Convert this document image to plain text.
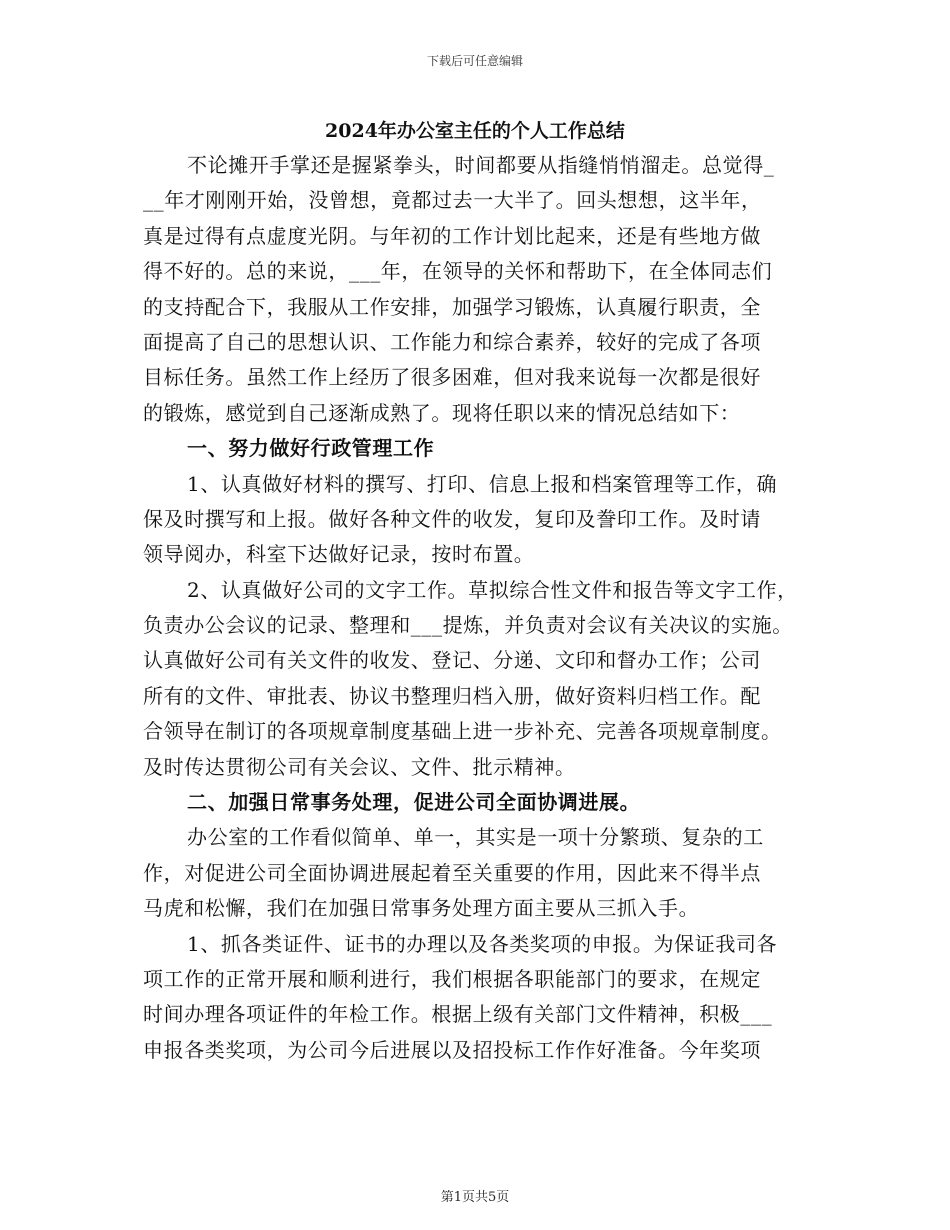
下载后可任意编辑
2024年办公室主任的个人工作总结
不论摊开手掌还是握紧拳头，时间都要从指缝悄悄溜走。总觉得_
__年才刚刚开始，没曾想，竟都过去一大半了。回头想想，这半年，
真是过得有点虚度光阴。与年初的工作计划比起来，还是有些地方做
得不好的。总的来说，___年，在领导的关怀和帮助下，在全体同志们
的支持配合下，我服从工作安排，加强学习锻炼，认真履行职责，全
面提高了自己的思想认识、工作能力和综合素养，较好的完成了各项
目标任务。虽然工作上经历了很多困难，但对我来说每一次都是很好
的锻炼，感觉到自己逐渐成熟了。现将任职以来的情况总结如下：
一、努力做好行政管理工作
1、认真做好材料的撰写、打印、信息上报和档案管理等工作，确
保及时撰写和上报。做好各种文件的收发，复印及誊印工作。及时请
领导阅办，科室下达做好记录，按时布置。
2、认真做好公司的文字工作。草拟综合性文件和报告等文字工作，
负责办公会议的记录、整理和___提炼，并负责对会议有关决议的实施。
认真做好公司有关文件的收发、登记、分递、文印和督办工作；公司
所有的文件、审批表、协议书整理归档入册，做好资料归档工作。配
合领导在制订的各项规章制度基础上进一步补充、完善各项规章制度。
及时传达贯彻公司有关会议、文件、批示精神。
二、加强日常事务处理，促进公司全面协调进展。
办公室的工作看似简单、单一，其实是一项十分繁琐、复杂的工
作，对促进公司全面协调进展起着至关重要的作用，因此来不得半点
马虎和松懈，我们在加强日常事务处理方面主要从三抓入手。
1、抓各类证件、证书的办理以及各类奖项的申报。为保证我司各
项工作的正常开展和顺利进行，我们根据各职能部门的要求，在规定
时间办理各项证件的年检工作。根据上级有关部门文件精神，积极___
申报各类奖项，为公司今后进展以及招投标工作作好准备。今年奖项
第1页共5页
